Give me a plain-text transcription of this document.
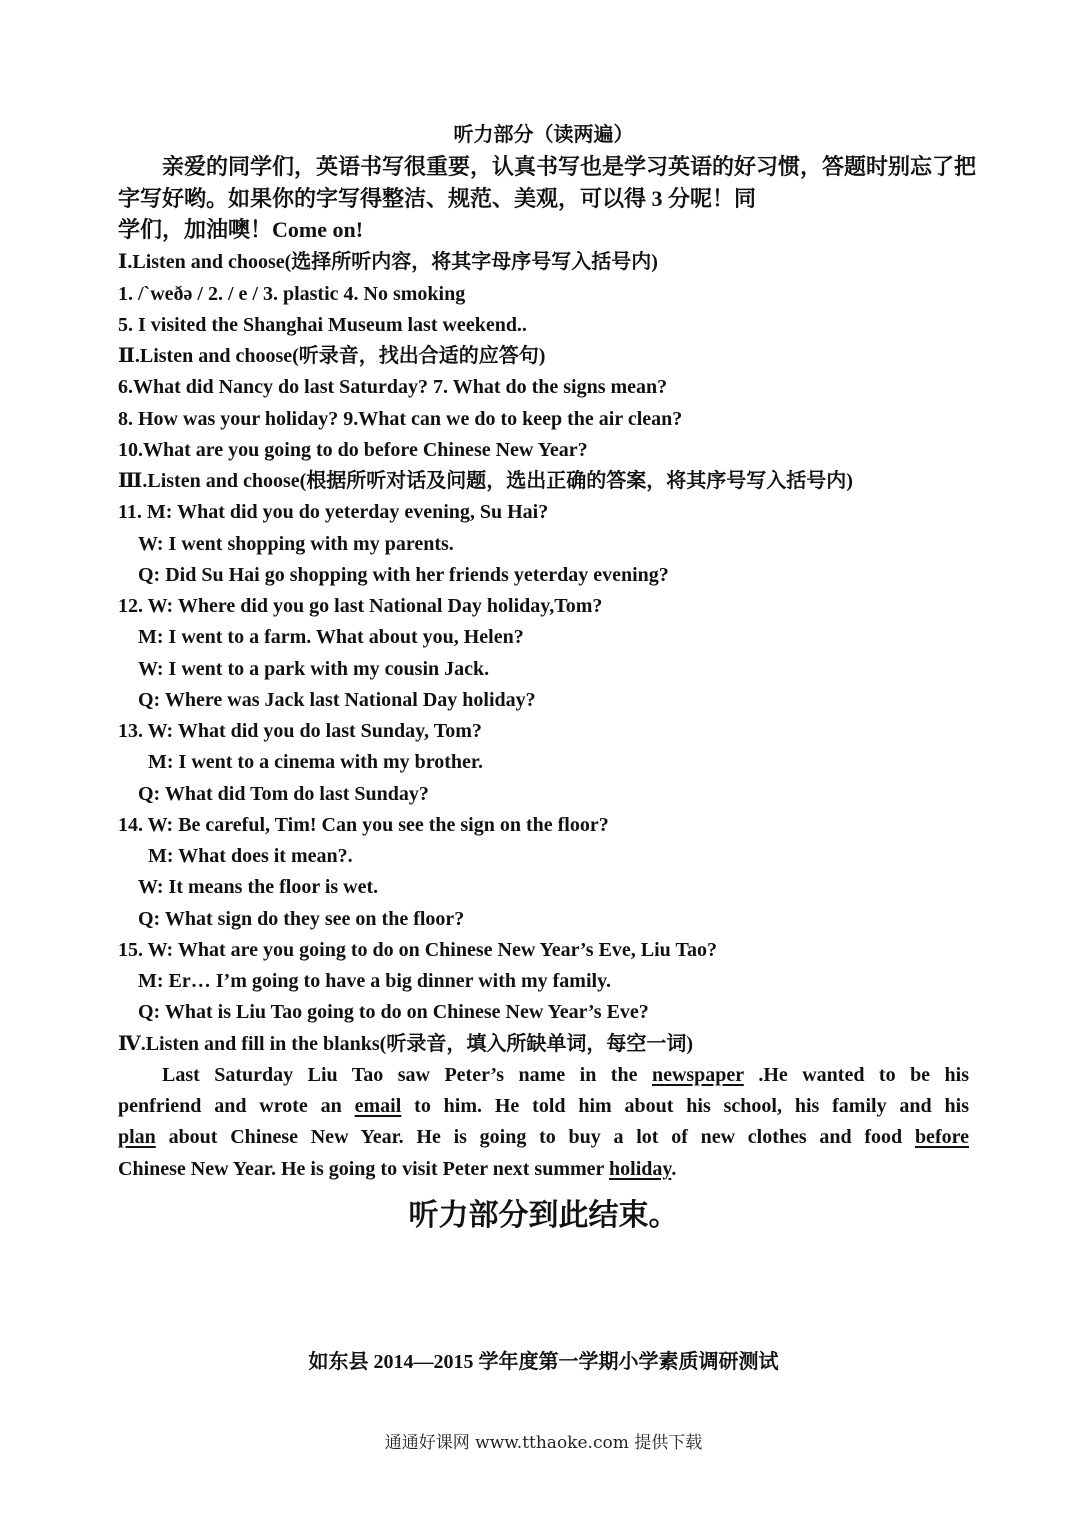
听力部分（读两遍）
亲爱的同学们，英语书写很重要，认真书写也是学习英语的好习惯，答题时别忘了把
字写好哟。如果你的字写得整洁、规范、美观，可以得 3 分呢！同
学们，加油噢！Come on!
Ⅰ.Listen and choose(选择所听内容，将其字母序号写入括号内)
1. /ˋweðə / 2. / e / 3. plastic 4. No smoking
5. I visited the Shanghai Museum last weekend..
Ⅱ.Listen and choose(听录音，找出合适的应答句)
6.What did Nancy do last Saturday? 7. What do the signs mean?
8. How was your holiday? 9.What can we do to keep the air clean?
10.What are you going to do before Chinese New Year?
Ⅲ.Listen and choose(根据所听对话及问题，选出正确的答案，将其序号写入括号内)
11. M: What did you do yeterday evening, Su Hai?
W: I went shopping with my parents.
Q: Did Su Hai go shopping with her friends yeterday evening?
12. W: Where did you go last National Day holiday,Tom?
M: I went to a farm. What about you, Helen?
W: I went to a park with my cousin Jack.
Q: Where was Jack last National Day holiday?
13. W: What did you do last Sunday, Tom?
M: I went to a cinema with my brother.
Q: What did Tom do last Sunday?
14. W: Be careful, Tim! Can you see the sign on the floor?
M: What does it mean?.
W: It means the floor is wet.
Q: What sign do they see on the floor?
15. W: What are you going to do on Chinese New Year’s Eve, Liu Tao?
M: Er… I’m going to have a big dinner with my family.
Q: What is Liu Tao going to do on Chinese New Year’s Eve?
Ⅳ.Listen and fill in the blanks(听录音，填入所缺单词，每空一词)
Last Saturday Liu Tao saw Peter’s name in the newspaper .He wanted to be his
penfriend and wrote an email to him. He told him about his school, his family and his
plan about Chinese New Year. He is going to buy a lot of new clothes and food before
Chinese New Year. He is going to visit Peter next summer holiday.
听力部分到此结束。
如东县 2014—2015 学年度第一学期小学素质调研测试
通通好课网 www.tthaoke.com 提供下载
